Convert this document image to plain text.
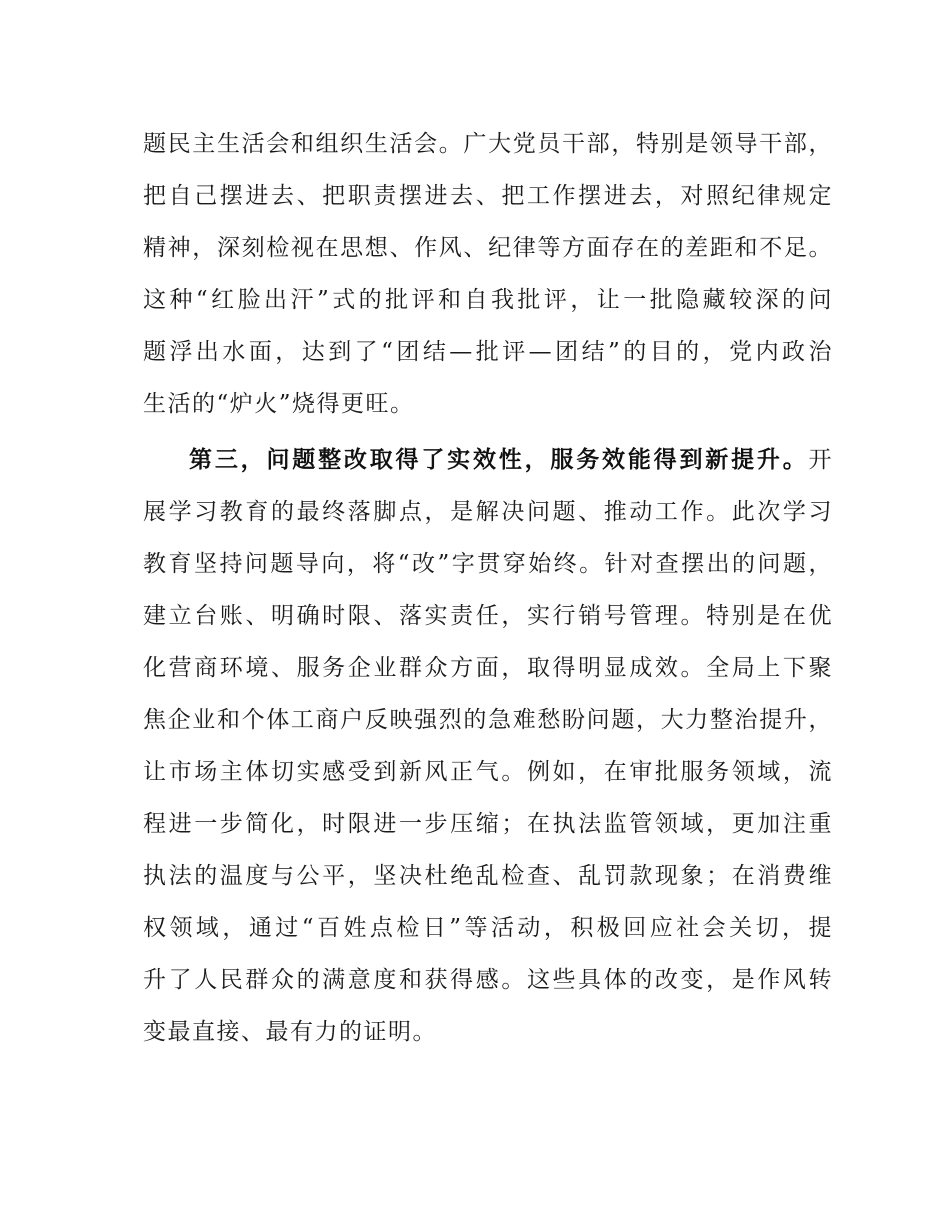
题民主生活会和组织生活会。广大党员干部，特别是领导干部，
把自己摆进去、把职责摆进去、把工作摆进去，对照纪律规定
精神，深刻检视在思想、作风、纪律等方面存在的差距和不足。
这种“红脸出汗”式的批评和自我批评，让一批隐藏较深的问
题浮出水面，达到了“团结—批评—团结”的目的，党内政治
生活的“炉火”烧得更旺。
第三，问题整改取得了实效性，服务效能得到新提升。开
展学习教育的最终落脚点，是解决问题、推动工作。此次学习
教育坚持问题导向，将“改”字贯穿始终。针对查摆出的问题，
建立台账、明确时限、落实责任，实行销号管理。特别是在优
化营商环境、服务企业群众方面，取得明显成效。全局上下聚
焦企业和个体工商户反映强烈的急难愁盼问题，大力整治提升，
让市场主体切实感受到新风正气。例如，在审批服务领域，流
程进一步简化，时限进一步压缩；在执法监管领域，更加注重
执法的温度与公平，坚决杜绝乱检查、乱罚款现象；在消费维
权领域，通过“百姓点检日”等活动，积极回应社会关切，提
升了人民群众的满意度和获得感。这些具体的改变，是作风转
变最直接、最有力的证明。
